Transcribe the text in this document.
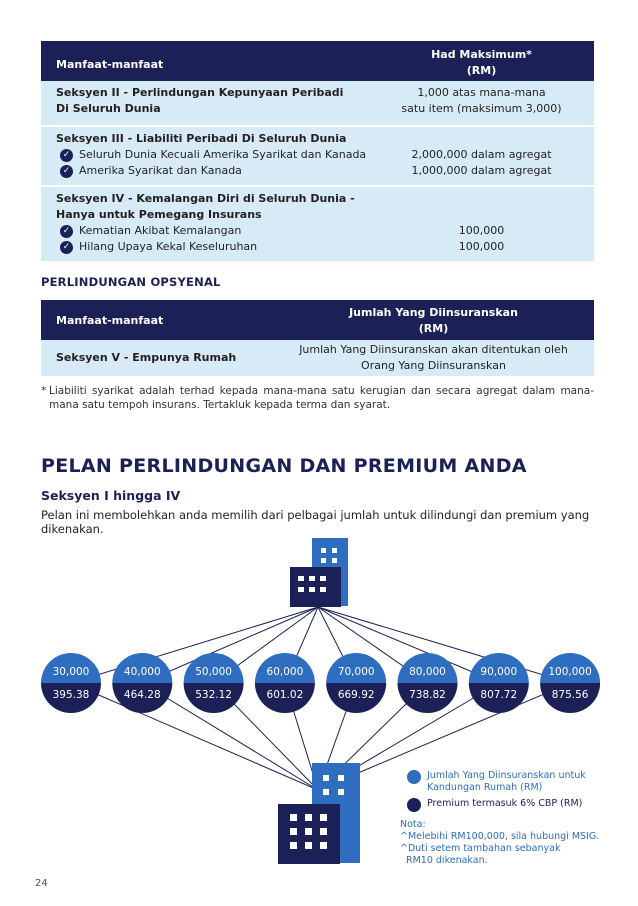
Manfaat-manfaat
Had Maksimum*
(RM)
Seksyen II - Perlindungan Kepunyaan Peribadi
Di Seluruh Dunia
1,000 atas mana-mana
satu item (maksimum 3,000)
Seksyen III - Liabiliti Peribadi Di Seluruh Dunia
✓ Seluruh Dunia Kecuali Amerika Syarikat dan Kanada
✓ Amerika Syarikat dan Kanada
2,000,000 dalam agregat
1,000,000 dalam agregat
Seksyen IV - Kemalangan Diri di Seluruh Dunia -
Hanya untuk Pemegang Insurans
✓ Kematian Akibat Kemalangan
✓ Hilang Upaya Kekal Keseluruhan
100,000
100,000
PERLINDUNGAN OPSYENAL
Manfaat-manfaat
Jumlah Yang Diinsuranskan
(RM)
Seksyen V - Empunya Rumah
Jumlah Yang Diinsuranskan akan ditentukan oleh
Orang Yang Diinsuranskan
* Liabiliti syarikat adalah terhad kepada mana-mana satu kerugian dan secara agregat dalam mana-mana satu tempoh insurans. Tertakluk kepada terma dan syarat.
PELAN PERLINDUNGAN DAN PREMIUM ANDA
Seksyen I hingga IV
Pelan ini membolehkan anda memilih dari pelbagai jumlah untuk dilindungi dan premium yang dikenakan.
30,000
395.38
40,000
464.28
50,000
532.12
60,000
601.02
70,000
669.92
80,000
738.82
90,000
807.72
100,000
875.56
Jumlah Yang Diinsuranskan untuk
Kandungan Rumah (RM)
Premium termasuk 6% CBP (RM)
Nota:
^Melebihi RM100,000, sila hubungi MSIG.
^Duti setem tambahan sebanyak
RM10 dikenakan.
24
